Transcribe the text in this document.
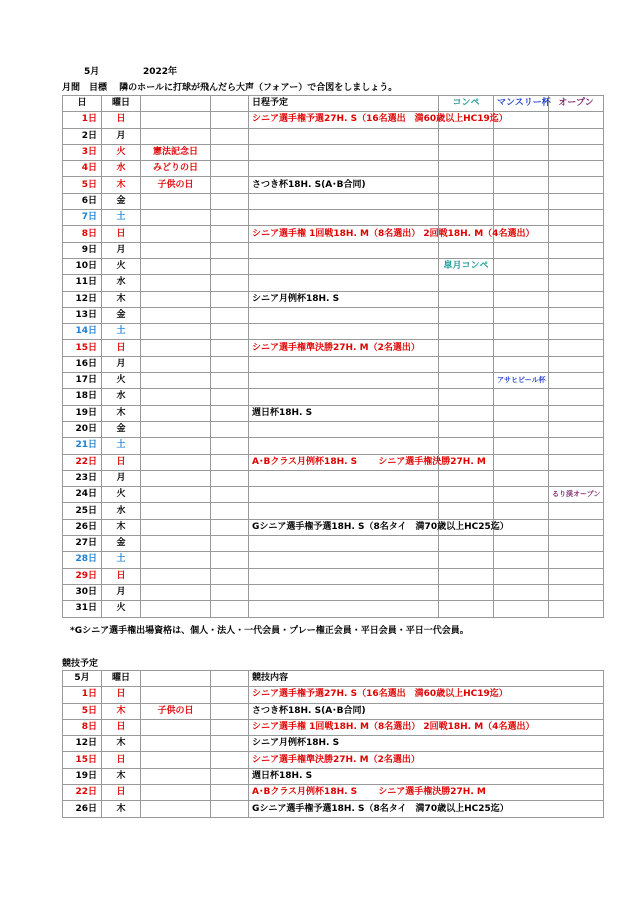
5月	2022年
月間　目標　 隣のホールに打球が飛んだら大声（フォアー）で合図をしましょう。
日	曜日			日程予定	コンペ	マンスリー杯	オープン
1日	日			シニア選手権予選27H. S（16名選出　満60歳以上HC19迄）			
2日	月						
3日	火	憲法記念日					
4日	水	みどりの日					
5日	木	子供の日		さつき杯18H. S(A･B合同)			
6日	金						
7日	土						
8日	日			シニア選手権 1回戦18H. M（8名選出） 2回戦18H. M（4名選出）			
9日	月						
10日	火				皐月コンペ		
11日	水						
12日	木			シニア月例杯18H. S			
13日	金						
14日	土						
15日	日			シニア選手権準決勝27H. M（2名選出）			
16日	月						
17日	火					アサヒビール杯	
18日	水						
19日	木			週日杯18H. S			
20日	金						
21日	土						
22日	日			A･Bクラス月例杯18H. S　　 シニア選手権決勝27H. M			
23日	月						
24日	火						るり渓オープン
25日	水						
26日	木			Gシニア選手権予選18H. S（8名タイ　満70歳以上HC25迄）			
27日	金						
28日	土						
29日	日						
30日	月						
31日	火						
*Gシニア選手権出場資格は、個人・法人・一代会員・プレー権正会員・平日会員・平日一代会員。
競技予定
5月	曜日			競技内容
1日	日			シニア選手権予選27H. S（16名選出　満60歳以上HC19迄）
5日	木	子供の日		さつき杯18H. S(A･B合同)
8日	日			シニア選手権 1回戦18H. M（8名選出） 2回戦18H. M（4名選出）
12日	木			シニア月例杯18H. S
15日	日			シニア選手権準決勝27H. M（2名選出）
19日	木			週日杯18H. S
22日	日			A･Bクラス月例杯18H. S　　 シニア選手権決勝27H. M
26日	木			Gシニア選手権予選18H. S（8名タイ　満70歳以上HC25迄）
